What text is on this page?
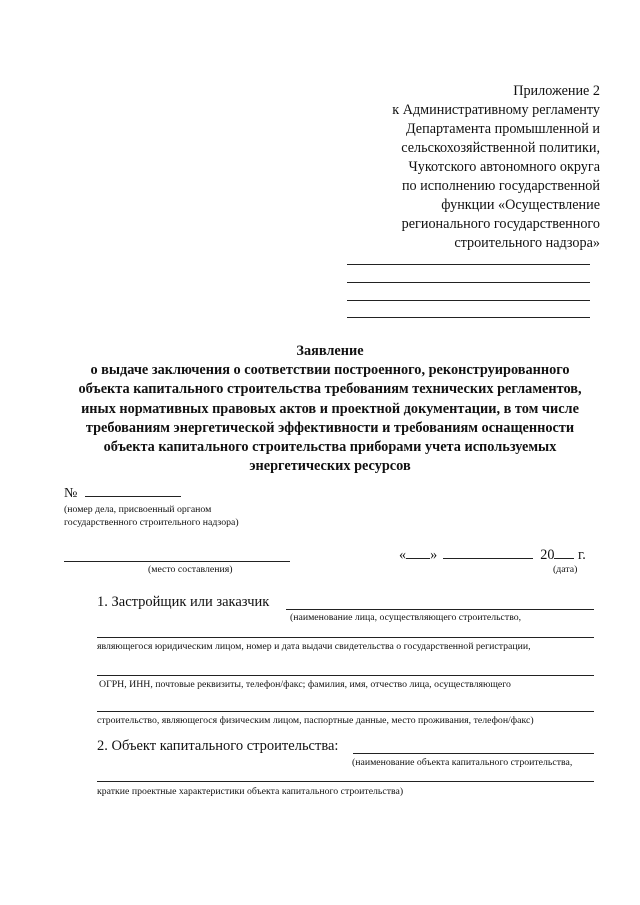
Приложение 2
к Административному регламенту
Департамента промышленной и
сельскохозяйственной политики,
Чукотского автономного округа
по исполнению государственной
функции «Осуществление
регионального государственного
строительного надзора»
Заявление
о выдаче заключения о соответствии построенного, реконструированного
объекта капитального строительства требованиям технических регламентов,
иных нормативных правовых актов и проектной документации, в том числе
требованиям энергетической эффективности и требованиям оснащенности
объекта капитального строительства приборами учета используемых
энергетических ресурсов
№
(номер дела, присвоенный органом
государственного строительного надзора)
(место составления)
« »	20 г.
(дата)
1. Застройщик или заказчик
(наименование лица, осуществляющего строительство,
являющегося юридическим лицом, номер и дата выдачи свидетельства о государственной регистрации,
ОГРН, ИНН, почтовые реквизиты, телефон/факс; фамилия, имя, отчество лица, осуществляющего
строительство, являющегося физическим лицом, паспортные данные, место проживания, телефон/факс)
2. Объект капитального строительства:
(наименование объекта капитального строительства,
краткие проектные характеристики объекта капитального строительства)
